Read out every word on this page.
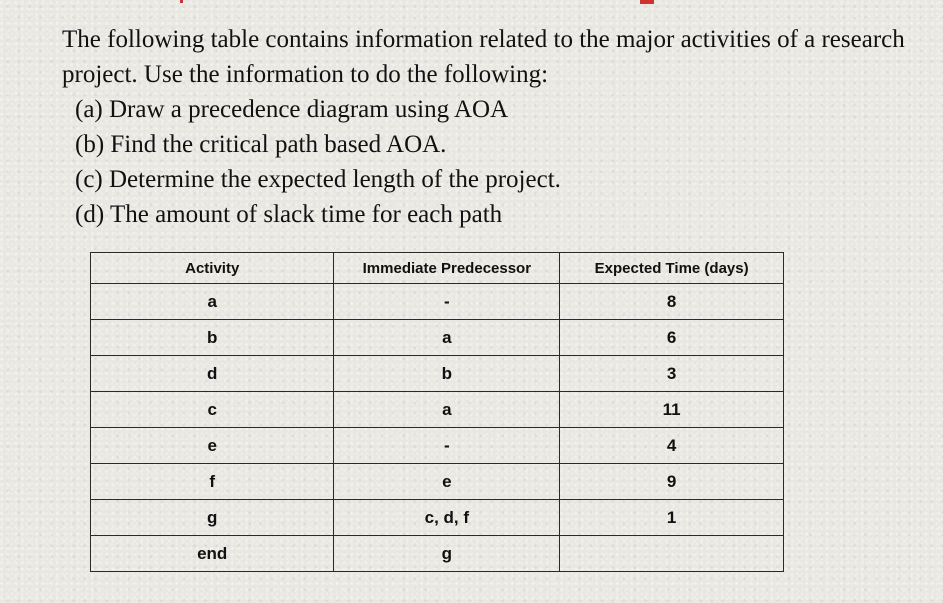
The following table contains information related to the major activities of a research project. Use the information to do the following:

(a) Draw a precedence diagram using AOA
(b) Find the critical path based AOA.
(c) Determine the expected length of the project.
(d) The amount of slack time for each path
Activity	Immediate Predecessor	Expected Time (days)
a	-	8
b	a	6
d	b	3
c	a	11
e	-	4
f	e	9
g	c, d, f	1
end	g	
